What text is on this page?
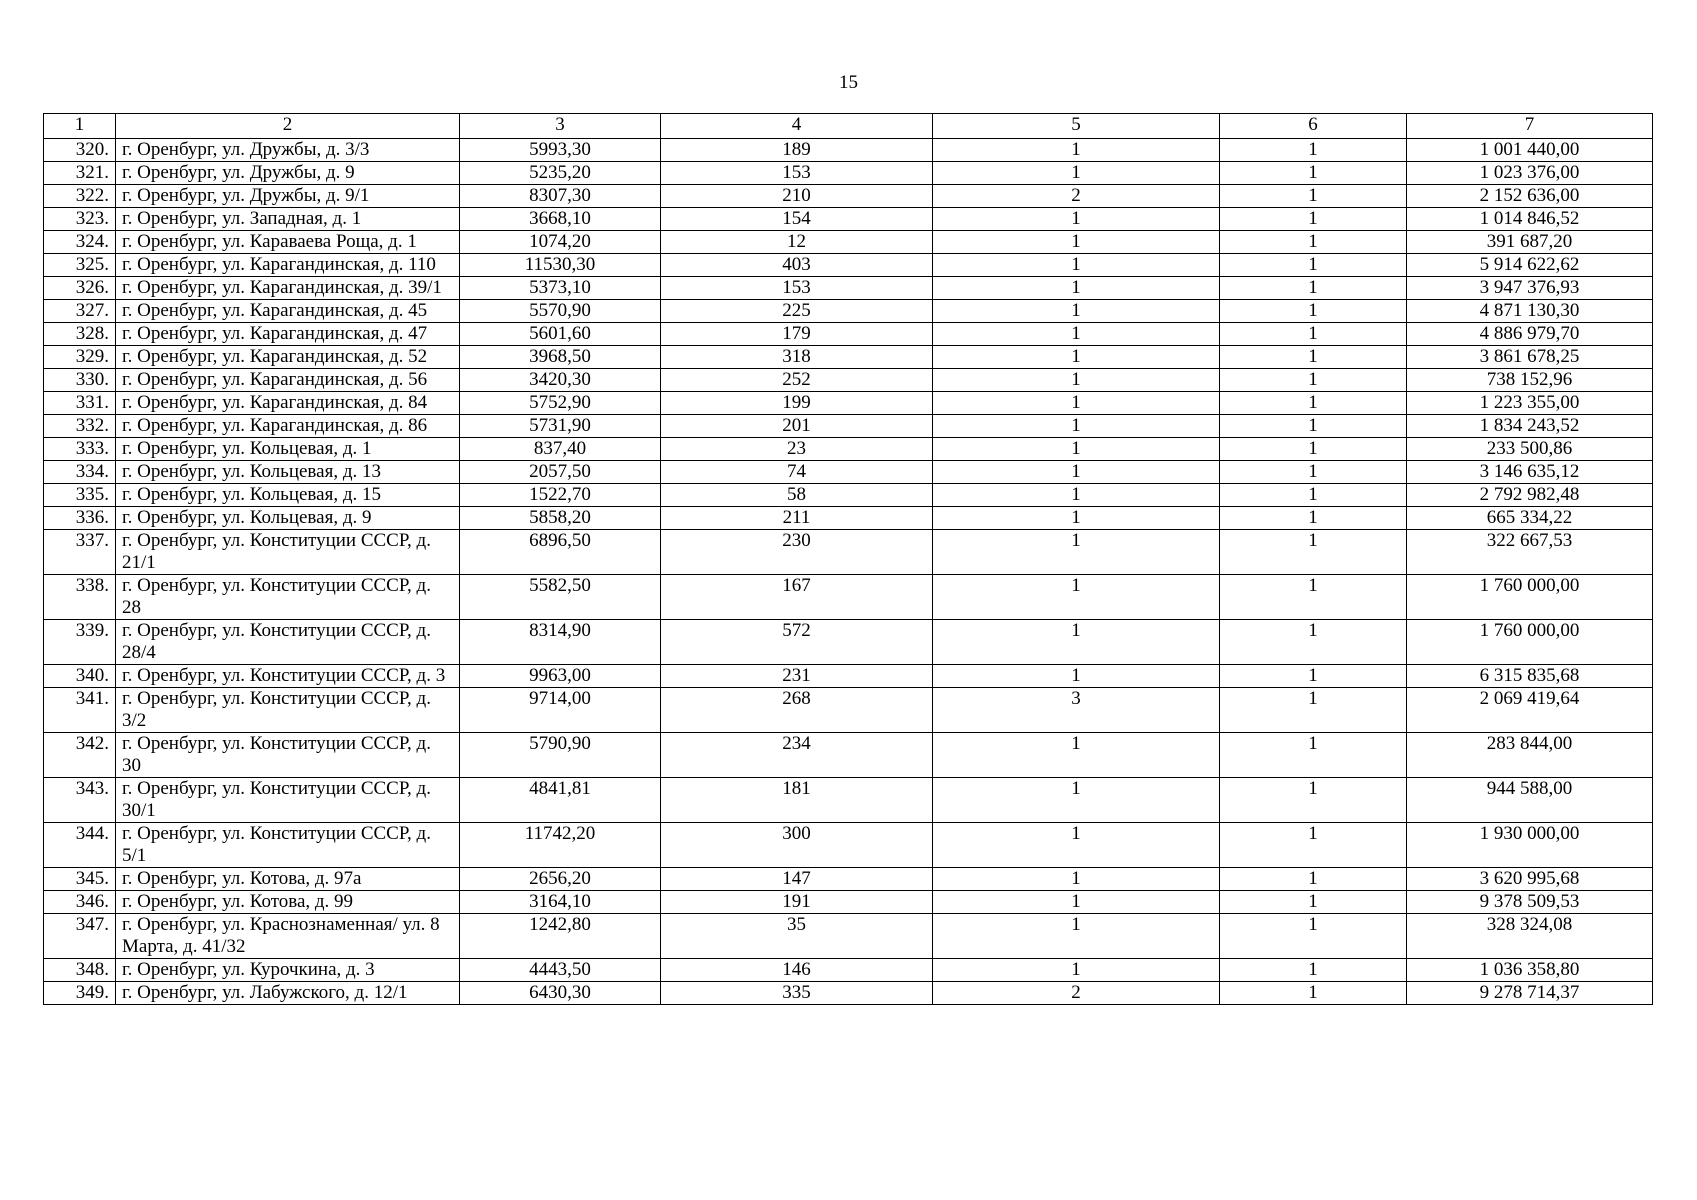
15
1	2	3	4	5	6	7
320.	г. Оренбург, ул. Дружбы, д. 3/3	5993,30	189	1	1	1 001 440,00
321.	г. Оренбург, ул. Дружбы, д. 9	5235,20	153	1	1	1 023 376,00
322.	г. Оренбург, ул. Дружбы, д. 9/1	8307,30	210	2	1	2 152 636,00
323.	г. Оренбург, ул. Западная, д. 1	3668,10	154	1	1	1 014 846,52
324.	г. Оренбург, ул. Караваева Роща, д. 1	1074,20	12	1	1	391 687,20
325.	г. Оренбург, ул. Карагандинская, д. 110	11530,30	403	1	1	5 914 622,62
326.	г. Оренбург, ул. Карагандинская, д. 39/1	5373,10	153	1	1	3 947 376,93
327.	г. Оренбург, ул. Карагандинская, д. 45	5570,90	225	1	1	4 871 130,30
328.	г. Оренбург, ул. Карагандинская, д. 47	5601,60	179	1	1	4 886 979,70
329.	г. Оренбург, ул. Карагандинская, д. 52	3968,50	318	1	1	3 861 678,25
330.	г. Оренбург, ул. Карагандинская, д. 56	3420,30	252	1	1	738 152,96
331.	г. Оренбург, ул. Карагандинская, д. 84	5752,90	199	1	1	1 223 355,00
332.	г. Оренбург, ул. Карагандинская, д. 86	5731,90	201	1	1	1 834 243,52
333.	г. Оренбург, ул. Кольцевая, д. 1	837,40	23	1	1	233 500,86
334.	г. Оренбург, ул. Кольцевая, д. 13	2057,50	74	1	1	3 146 635,12
335.	г. Оренбург, ул. Кольцевая, д. 15	1522,70	58	1	1	2 792 982,48
336.	г. Оренбург, ул. Кольцевая, д. 9	5858,20	211	1	1	665 334,22
337.	г. Оренбург, ул. Конституции СССР, д. 21/1	6896,50	230	1	1	322 667,53
338.	г. Оренбург, ул. Конституции СССР, д. 28	5582,50	167	1	1	1 760 000,00
339.	г. Оренбург, ул. Конституции СССР, д. 28/4	8314,90	572	1	1	1 760 000,00
340.	г. Оренбург, ул. Конституции СССР, д. 3	9963,00	231	1	1	6 315 835,68
341.	г. Оренбург, ул. Конституции СССР, д. 3/2	9714,00	268	3	1	2 069 419,64
342.	г. Оренбург, ул. Конституции СССР, д. 30	5790,90	234	1	1	283 844,00
343.	г. Оренбург, ул. Конституции СССР, д. 30/1	4841,81	181	1	1	944 588,00
344.	г. Оренбург, ул. Конституции СССР, д. 5/1	11742,20	300	1	1	1 930 000,00
345.	г. Оренбург, ул. Котова, д. 97а	2656,20	147	1	1	3 620 995,68
346.	г. Оренбург, ул. Котова, д. 99	3164,10	191	1	1	9 378 509,53
347.	г. Оренбург, ул. Краснознаменная/ ул. 8 Марта, д. 41/32	1242,80	35	1	1	328 324,08
348.	г. Оренбург, ул. Курочкина, д. 3	4443,50	146	1	1	1 036 358,80
349.	г. Оренбург, ул. Лабужского, д. 12/1	6430,30	335	2	1	9 278 714,37
